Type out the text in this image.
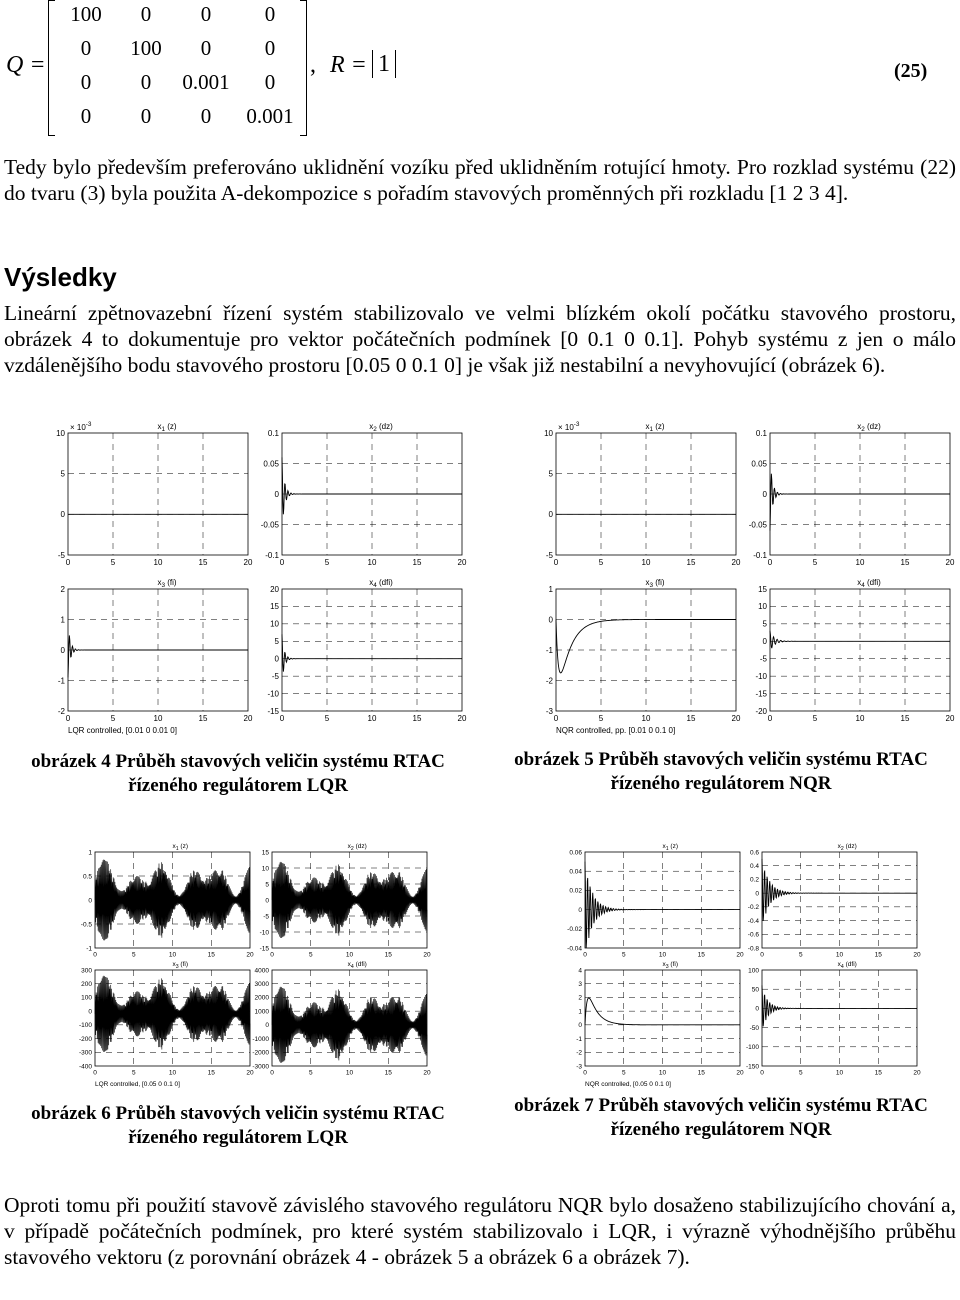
Q =
100	0	0	0
0	100	0	0
0	0	0.001	0
0	0	0	0.001
, R = 1	(25)
Tedy bylo především preferováno uklidnění vozíku před uklidněním rotující hmoty. Pro rozklad systému (22) do tvaru (3) byla použita A-dekompozice s pořadím stavových proměnných při rozkladu [1 2 3 4].
Výsledky
Lineární zpětnovazební řízení systém stabilizovalo ve velmi blízkém okolí počátku stavového prostoru, obrázek 4 to dokumentuje pro vektor počátečních podmínek [0 0.1 0 0.1]. Pohyb systému z jen o málo vzdálenějšího bodu stavového prostoru [0.05 0 0.1 0] je však již nestabilní a nevyhovující (obrázek 6).
10
5
0
-5
0	5	10	15	20
$x_1$ (z)
× $10^{-3}$
0.1
0.05
0
-0.05
-0.1
0	5	10	15	20
$x_2$ (dz)
2
1
0
-1
-2
0	5	10	15	20
$x_3$ (fi)
20
15
10
5
0
-5
-10
-15
0	5	10	15	20
$x_4$ (dfi)
LQR controlled, [0.01 0 0.01 0]
10
5
0
-5
0	5	10	15	20
$x_1$ (z)
× $10^{-3}$
0.1
0.05
0
-0.05
-0.1
0	5	10	15	20
$x_2$ (dz)
1
0
-1
-2
-3
0	5	10	15	20
$x_3$ (fi)
15
10
5
0
-5
-10
-15
-20
0	5	10	15	20
$x_4$ (dfi)
NQR controlled, pp. [0.01 0 0.1 0]
obrázek 4 Průběh stavových veličin systému RTAC řízeného regulátorem LQR
obrázek 5 Průběh stavových veličin systému RTAC řízeného regulátorem NQR
1
0.5
0
-0.5
-1
0	5	10	15	20
$x_1$ (z)
15
10
5
0
-5
-10
-15
0	5	10	15	20
$x_2$ (dz)
300
200
100
0
-100
-200
-300
-400
0	5	10	15	20
$x_3$ (fi)
4000
3000
2000
1000
0
-1000
-2000
-3000
0	5	10	15	20
$x_4$ (dfi)
LQR controlled, [0.05 0 0.1 0]
0.06
0.04
0.02
0
-0.02
-0.04
0	5	10	15	20
$x_1$ (z)
0.6
0.4
0.2
0
-0.2
-0.4
-0.6
-0.8
0	5	10	15	20
$x_2$ (dz)
4
3
2
1
0
-1
-2
-3
0	5	10	15	20
$x_3$ (fi)
100
50
0
-50
-100
-150
0	5	10	15	20
$x_4$ (dfi)
NQR controlled, [0.05 0 0.1 0]
obrázek 6 Průběh stavových veličin systému RTAC řízeného regulátorem LQR
obrázek 7 Průběh stavových veličin systému RTAC řízeného regulátorem NQR
Oproti tomu při použití stavově závislého stavového regulátoru NQR bylo dosaženo stabilizujícího chování a, v případě počátečních podmínek, pro které systém stabilizovalo i LQR, i výrazně výhodnějšího průběhu stavového vektoru (z porovnání obrázek 4 - obrázek 5 a obrázek 6 a obrázek 7).
